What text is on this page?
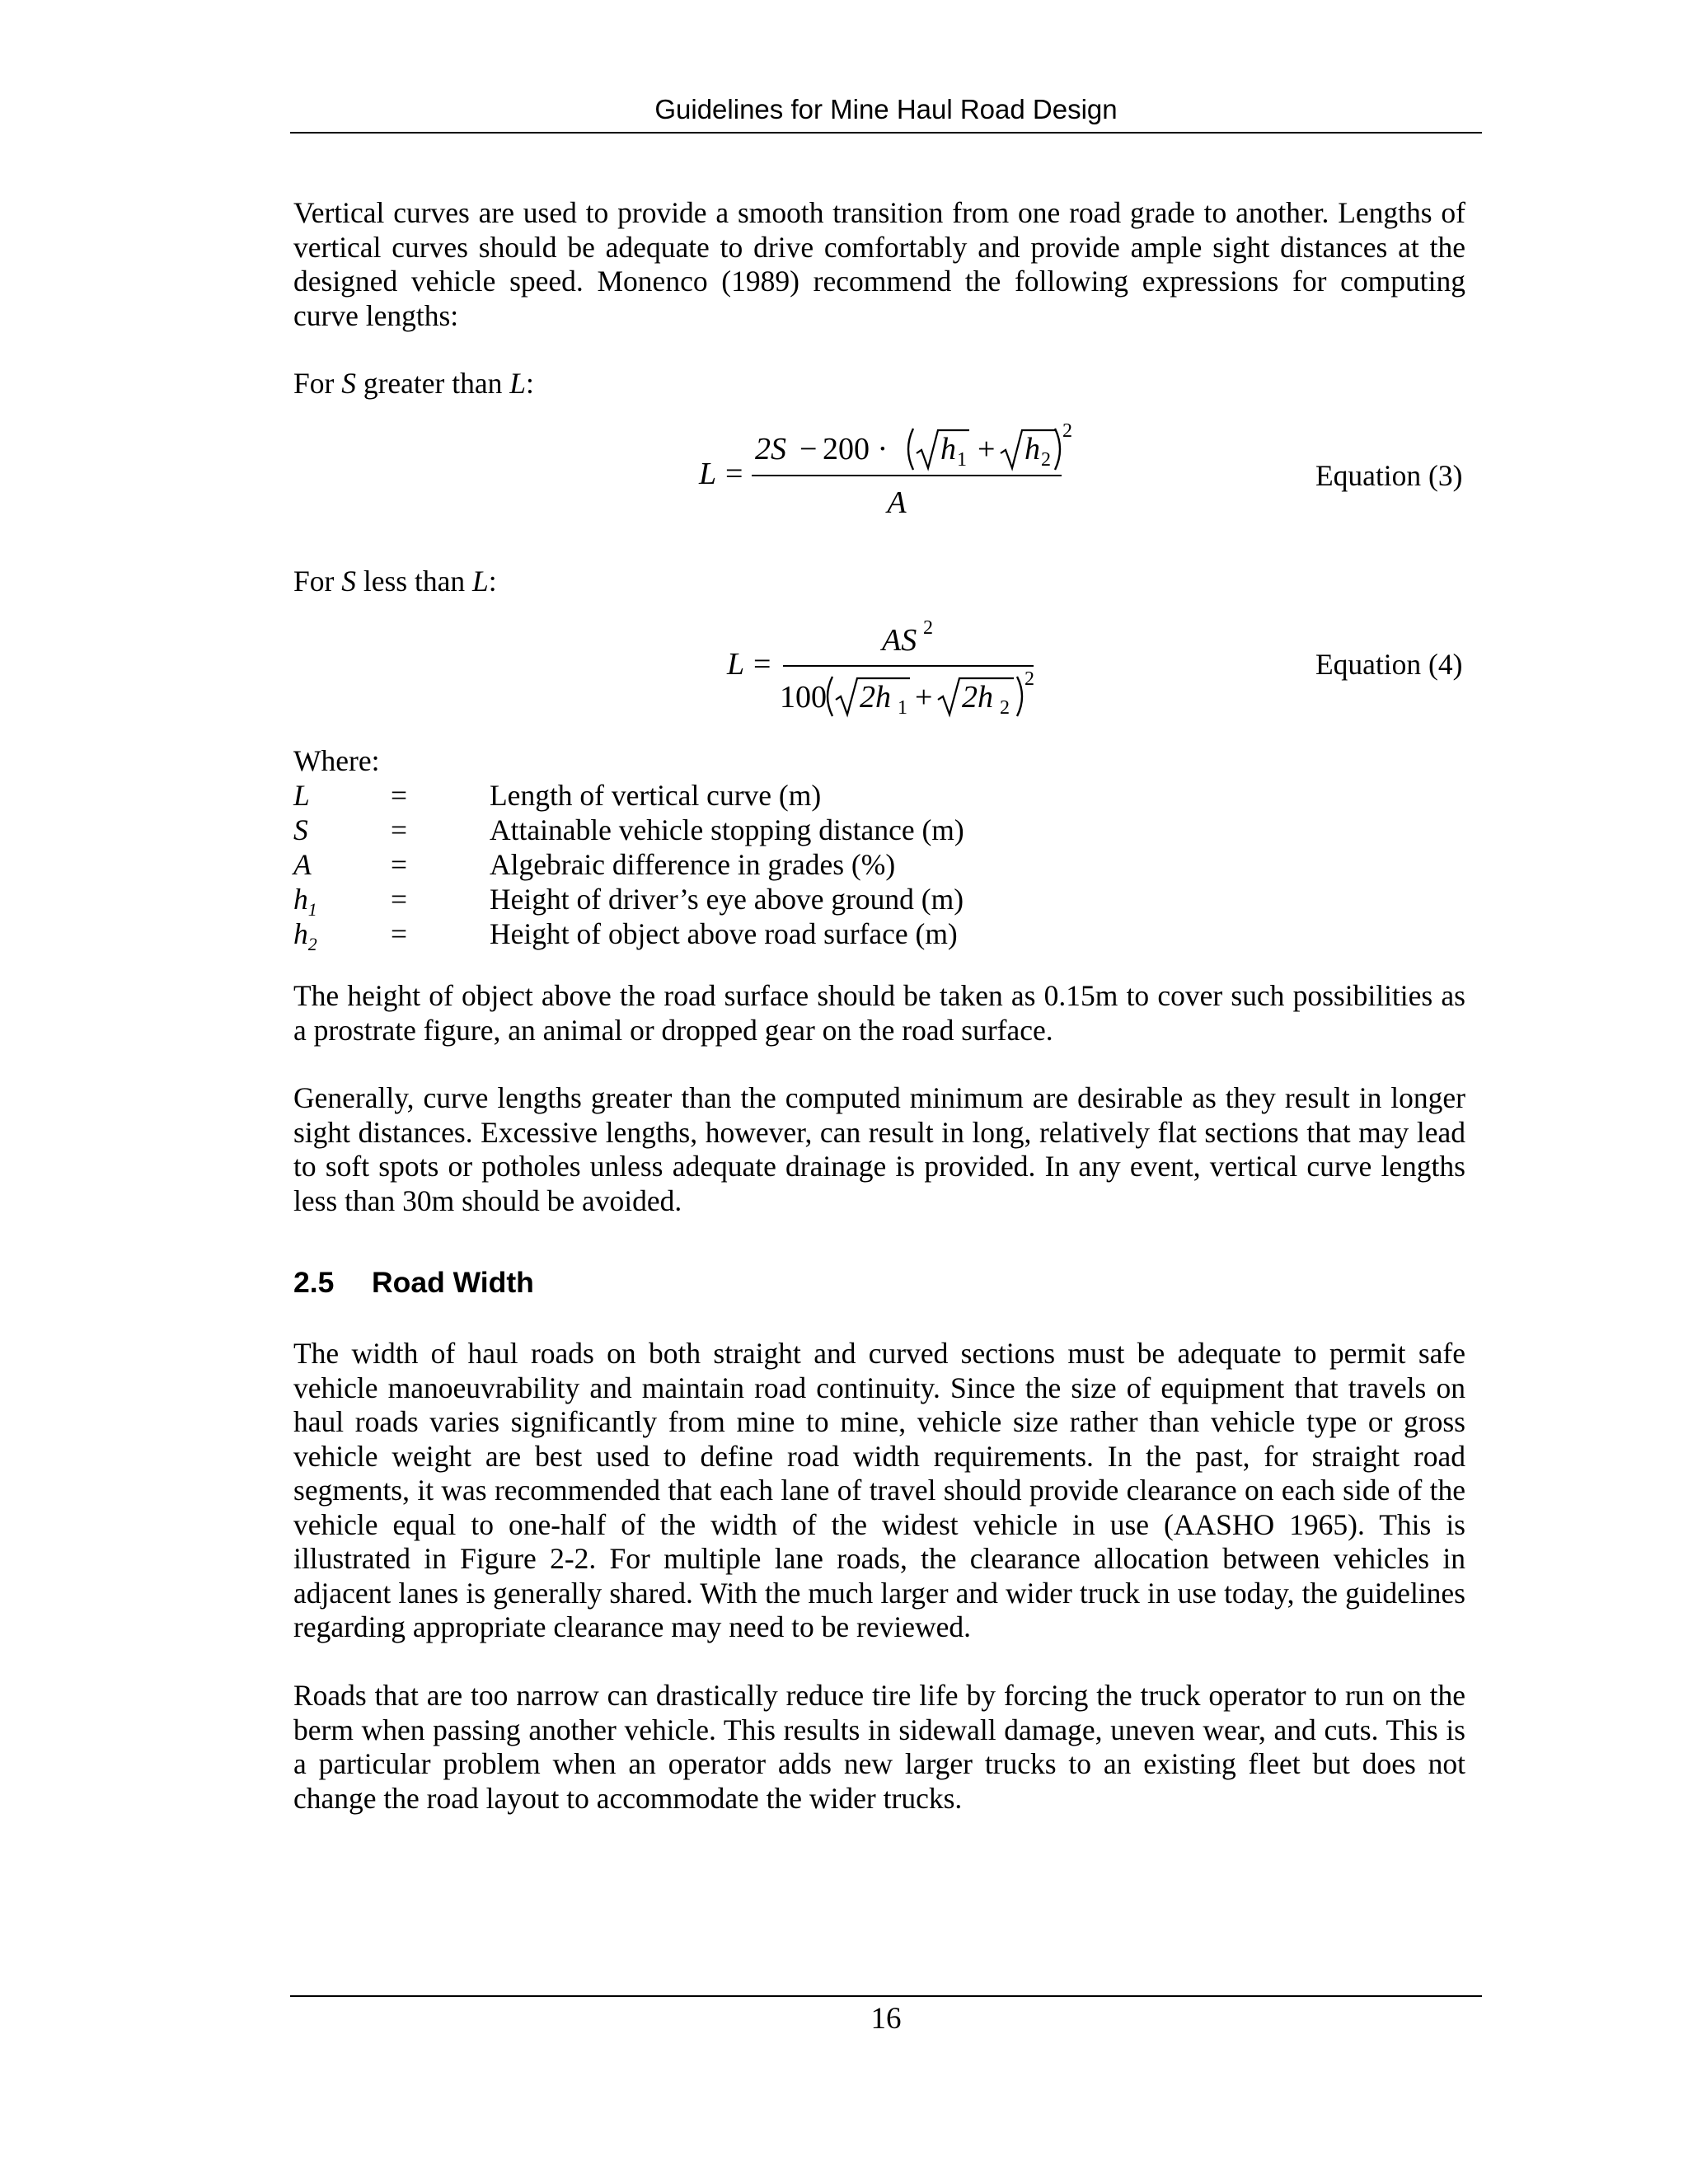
Guidelines for Mine Haul Road Design

Vertical curves are used to provide a smooth transition from one road grade to another. Lengths of vertical curves should be adequate to drive comfortably and provide ample sight distances at the designed vehicle speed. Monenco (1989) recommend the following expressions for computing curve lengths:

For S greater than L:
L =
2S − 200 · h 1 + h 2
2
A
Equation (3)
For S less than L:
L =
AS 2
100 2h 1 + 2h 2
2	Equation (4)
Where:
L	=	Length of vertical curve (m)
S	=	Attainable vehicle stopping distance (m)
A	=	Algebraic difference in grades (%)
$h_1$	=	Height of driver’s eye above ground (m)
$h_2$	=	Height of object above road surface (m)

The height of object above the road surface should be taken as 0.15m to cover such possibilities as a prostrate figure, an animal or dropped gear on the road surface.

Generally, curve lengths greater than the computed minimum are desirable as they result in longer sight distances. Excessive lengths, however, can result in long, relatively flat sections that may lead to soft spots or potholes unless adequate drainage is provided. In any event, vertical curve lengths less than 30m should be avoided.

2.5 Road Width

The width of haul roads on both straight and curved sections must be adequate to permit safe vehicle manoeuvrability and maintain road continuity. Since the size of equipment that travels on haul roads varies significantly from mine to mine, vehicle size rather than vehicle type or gross vehicle weight are best used to define road width requirements. In the past, for straight road segments, it was recommended that each lane of travel should provide clearance on each side of the vehicle equal to one-half of the width of the widest vehicle in use (AASHO 1965). This is illustrated in Figure 2-2. For multiple lane roads, the clearance allocation between vehicles in adjacent lanes is generally shared. With the much larger and wider truck in use today, the guidelines regarding appropriate clearance may need to be reviewed.

Roads that are too narrow can drastically reduce tire life by forcing the truck operator to run on the berm when passing another vehicle. This results in sidewall damage, uneven wear, and cuts. This is a particular problem when an operator adds new larger trucks to an existing fleet but does not change the road layout to accommodate the wider trucks.

16
